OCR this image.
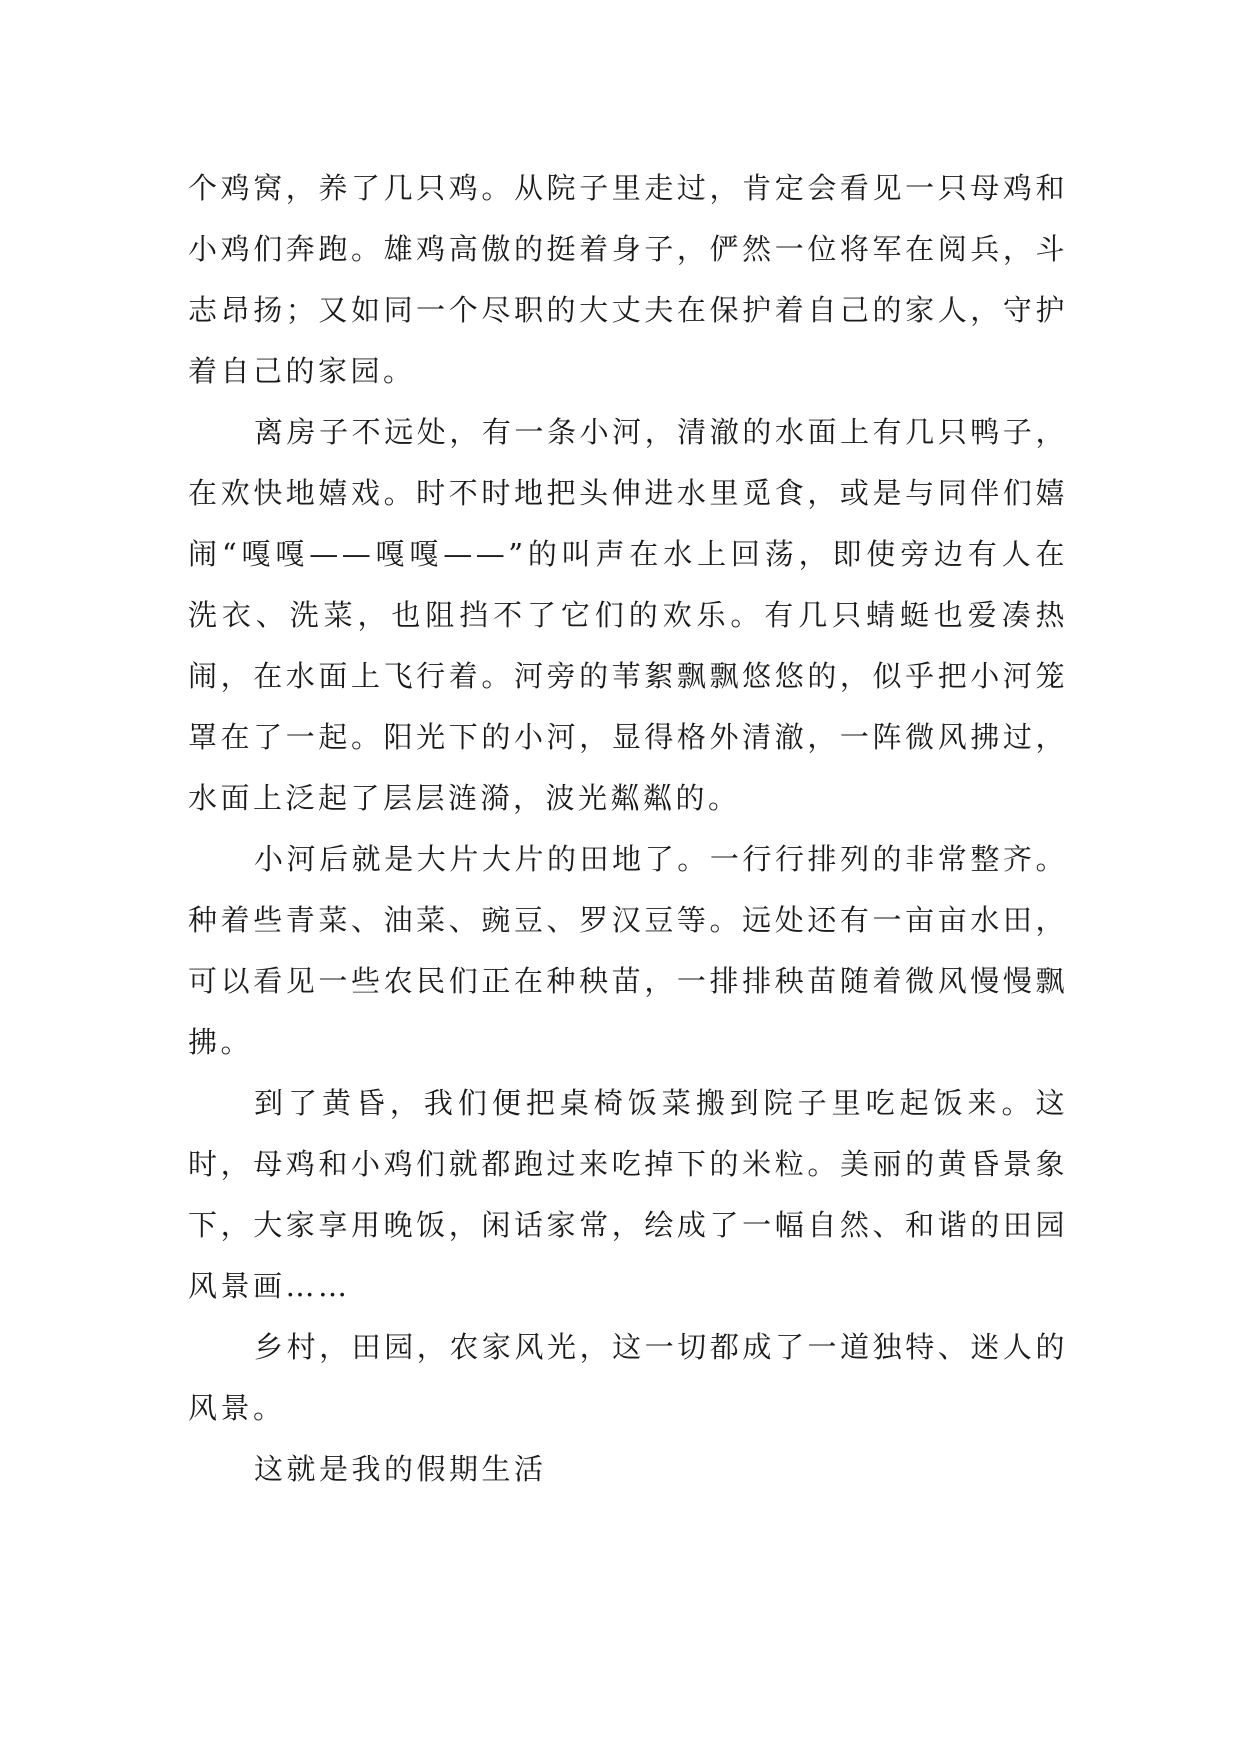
个鸡窝，养了几只鸡。从院子里走过，肯定会看见一只母鸡和小鸡们奔跑。雄鸡高傲的挺着身子，俨然一位将军在阅兵，斗志昂扬；又如同一个尽职的大丈夫在保护着自己的家人，守护着自己的家园。

离房子不远处，有一条小河，清澈的水面上有几只鸭子，在欢快地嬉戏。时不时地把头伸进水里觅食，或是与同伴们嬉闹“嘎嘎——嘎嘎——”的叫声在水上回荡，即使旁边有人在洗衣、洗菜，也阻挡不了它们的欢乐。有几只蜻蜓也爱凑热闹，在水面上飞行着。河旁的苇絮飘飘悠悠的，似乎把小河笼罩在了一起。阳光下的小河，显得格外清澈，一阵微风拂过，水面上泛起了层层涟漪，波光粼粼的。

小河后就是大片大片的田地了。一行行排列的非常整齐。种着些青菜、油菜、豌豆、罗汉豆等。远处还有一亩亩水田，可以看见一些农民们正在种秧苗，一排排秧苗随着微风慢慢飘拂。

到了黄昏，我们便把桌椅饭菜搬到院子里吃起饭来。这时，母鸡和小鸡们就都跑过来吃掉下的米粒。美丽的黄昏景象下，大家享用晚饭，闲话家常，绘成了一幅自然、和谐的田园风景画……

乡村，田园，农家风光，这一切都成了一道独特、迷人的风景。

这就是我的假期生活
